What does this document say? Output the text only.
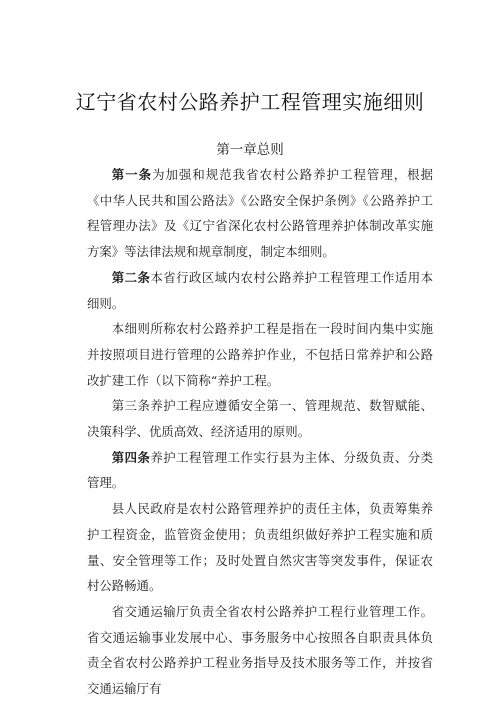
辽宁省农村公路养护工程管理实施细则
第一章总则

第一条为加强和规范我省农村公路养护工程管理，根据《中华人民共和国公路法》《公路安全保护条例》《公路养护工程管理办法》及《辽宁省深化农村公路管理养护体制改革实施方案》等法律法规和规章制度，制定本细则。

第二条本省行政区域内农村公路养护工程管理工作适用本细则。

本细则所称农村公路养护工程是指在一段时间内集中实施并按照项目进行管理的公路养护作业，不包括日常养护和公路改扩建工作（以下简称“养护工程。

第三条养护工程应遵循安全第一、管理规范、数智赋能、决策科学、优质高效、经济适用的原则。

第四条养护工程管理工作实行县为主体、分级负责、分类管理。

县人民政府是农村公路管理养护的责任主体，负责筹集养护工程资金，监管资金使用；负责组织做好养护工程实施和质量、安全管理等工作；及时处置自然灾害等突发事件，保证农村公路畅通。

省交通运输厅负责全省农村公路养护工程行业管理工作。省交通运输事业发展中心、事务服务中心按照各自职责具体负责全省农村公路养护工程业务指导及技术服务等工作，并按省交通运输厅有
